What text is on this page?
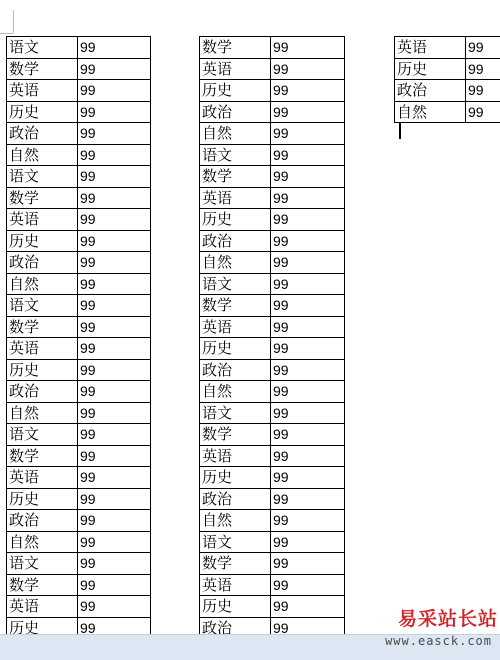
语文	99
数学	99
英语	99
历史	99
政治	99
自然	99
语文	99
数学	99
英语	99
历史	99
政治	99
自然	99
语文	99
数学	99
英语	99
历史	99
政治	99
自然	99
语文	99
数学	99
英语	99
历史	99
政治	99
自然	99
语文	99
数学	99
英语	99
历史	99
数学	99
英语	99
历史	99
政治	99
自然	99
语文	99
数学	99
英语	99
历史	99
政治	99
自然	99
语文	99
数学	99
英语	99
历史	99
政治	99
自然	99
语文	99
数学	99
英语	99
历史	99
政治	99
自然	99
语文	99
数学	99
英语	99
历史	99
政治	99
英语	99
历史	99
政治	99
自然	99
易采站长站
www.easck.com
